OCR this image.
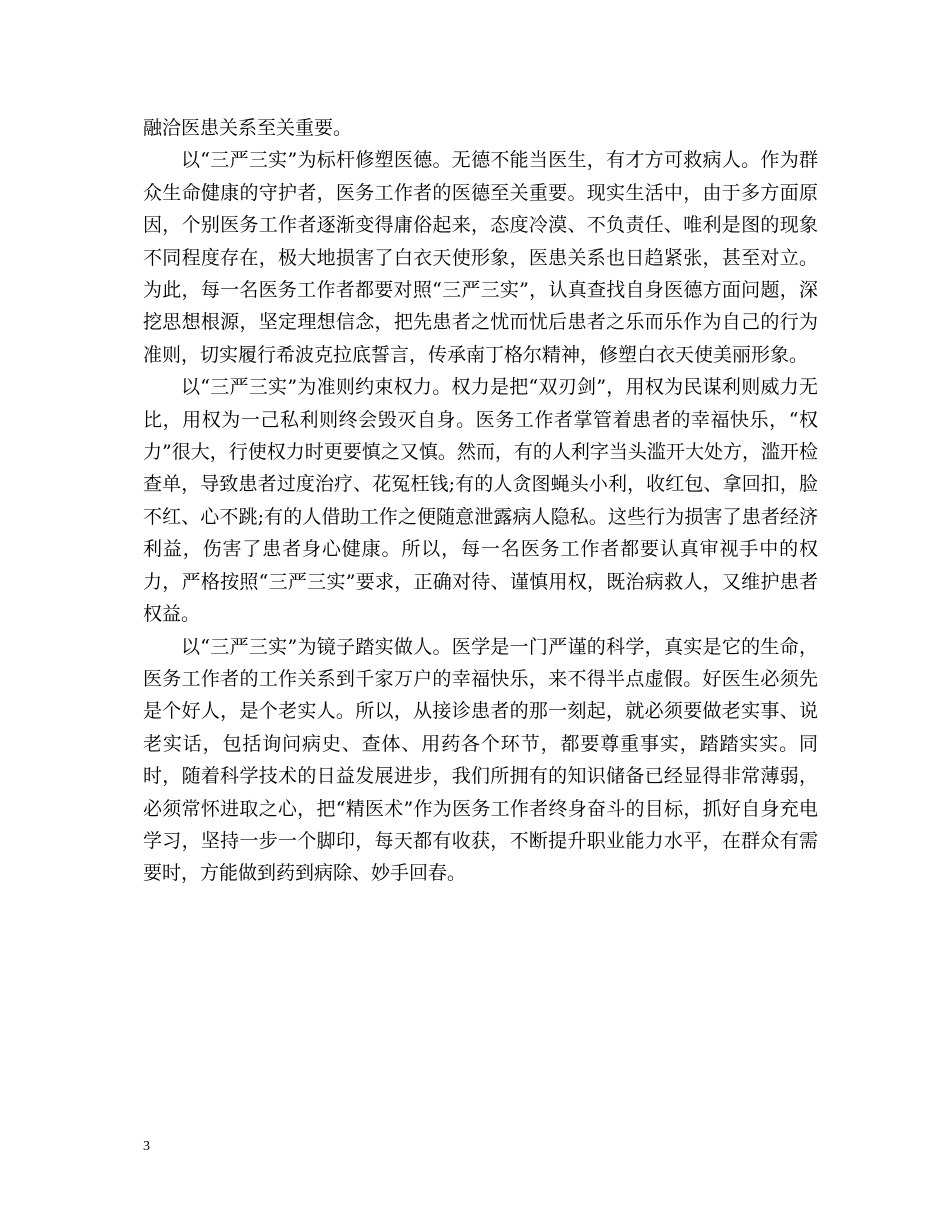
融洽医患关系至关重要。

以“三严三实”为标杆修塑医德。无德不能当医生，有才方可救病人。作为群众生命健康的守护者，医务工作者的医德至关重要。现实生活中，由于多方面原因，个别医务工作者逐渐变得庸俗起来，态度冷漠、不负责任、唯利是图的现象不同程度存在，极大地损害了白衣天使形象，医患关系也日趋紧张，甚至对立。为此，每一名医务工作者都要对照“三严三实”，认真查找自身医德方面问题，深挖思想根源，坚定理想信念，把先患者之忧而忧后患者之乐而乐作为自己的行为准则，切实履行希波克拉底誓言，传承南丁格尔精神，修塑白衣天使美丽形象。

以“三严三实”为准则约束权力。权力是把“双刃剑”，用权为民谋利则威力无比，用权为一己私利则终会毁灭自身。医务工作者掌管着患者的幸福快乐，“权力”很大，行使权力时更要慎之又慎。然而，有的人利字当头滥开大处方，滥开检查单，导致患者过度治疗、花冤枉钱;有的人贪图蝇头小利，收红包、拿回扣，脸不红、心不跳;有的人借助工作之便随意泄露病人隐私。这些行为损害了患者经济利益，伤害了患者身心健康。所以，每一名医务工作者都要认真审视手中的权力，严格按照“三严三实”要求，正确对待、谨慎用权，既治病救人，又维护患者权益。

以“三严三实”为镜子踏实做人。医学是一门严谨的科学，真实是它的生命，医务工作者的工作关系到千家万户的幸福快乐，来不得半点虚假。好医生必须先是个好人，是个老实人。所以，从接诊患者的那一刻起，就必须要做老实事、说老实话，包括询问病史、查体、用药各个环节，都要尊重事实，踏踏实实。同时，随着科学技术的日益发展进步，我们所拥有的知识储备已经显得非常薄弱，必须常怀进取之心，把“精医术”作为医务工作者终身奋斗的目标，抓好自身充电学习，坚持一步一个脚印，每天都有收获，不断提升职业能力水平，在群众有需要时，方能做到药到病除、妙手回春。

3
